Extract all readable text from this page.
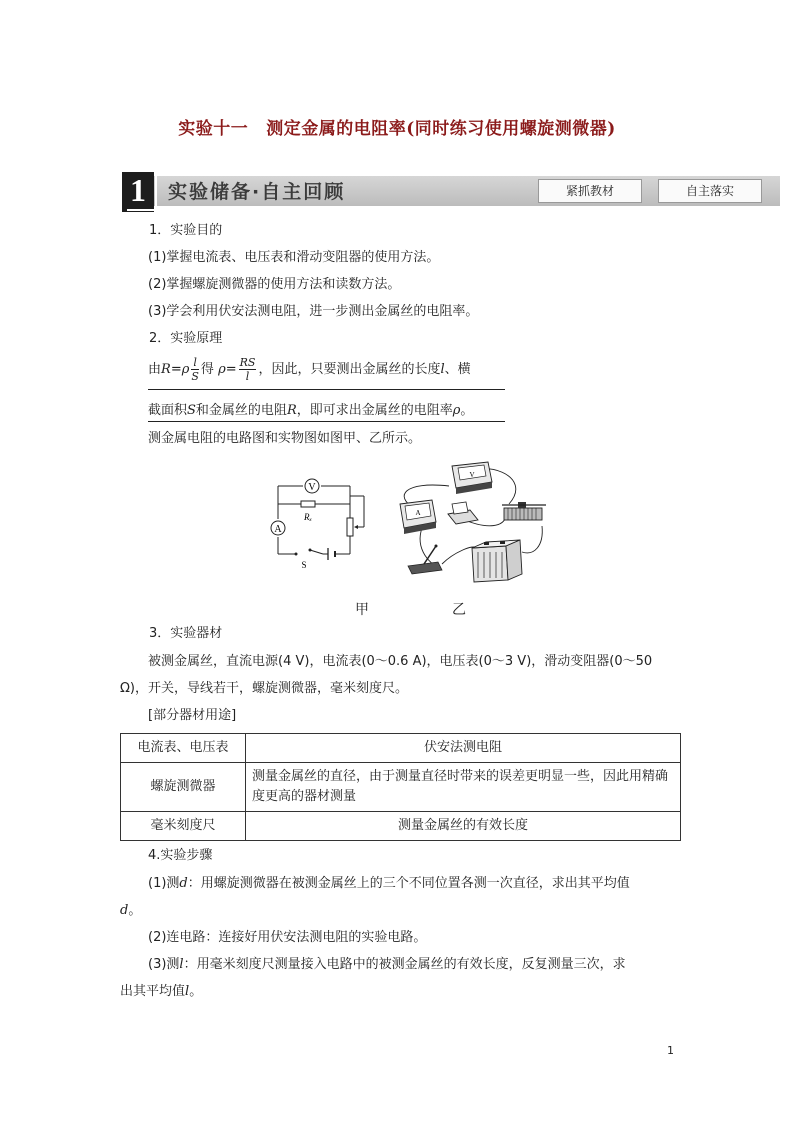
实验十一 测定金属的电阻率(同时练习使用螺旋测微器)
1	实验储备·自主回顾	紧抓教材	自主落实
1．实验目的
(1)掌握电流表、电压表和滑动变阻器的使用方法。
(2)掌握螺旋测微器的使用方法和读数方法。
(3)学会利用伏安法测电阻，进一步测出金属丝的电阻率。
2．实验原理
由$R=\rho \frac{l}{S}$ 得 $\rho= \frac{RS}{l}$ ，因此，只要测出金属丝的长度l、横
截面积S和金属丝的电阻R，即可求出金属丝的电阻率ρ。
测金属电阻的电路图和实物图如图甲、乙所示。
V
A
Rₓ
S
V
A
甲	乙
3．实验器材
被测金属丝，直流电源(4 V)，电流表(0～0.6 A)，电压表(0～3 V)，滑动变阻器(0～50
Ω)，开关，导线若干，螺旋测微器，毫米刻度尺。
[部分器材用途]
电流表、电压表	伏安法测电阻
螺旋测微器	测量金属丝的直径，由于测量直径时带来的误差更明显一些，因此用精确度更高的器材测量
毫米刻度尺	测量金属丝的有效长度
4.实验步骤
(1)测d：用螺旋测微器在被测金属丝上的三个不同位置各测一次直径，求出其平均值
d。
(2)连电路：连接好用伏安法测电阻的实验电路。
(3)测l：用毫米刻度尺测量接入电路中的被测金属丝的有效长度，反复测量三次，求
出其平均值l。
1
